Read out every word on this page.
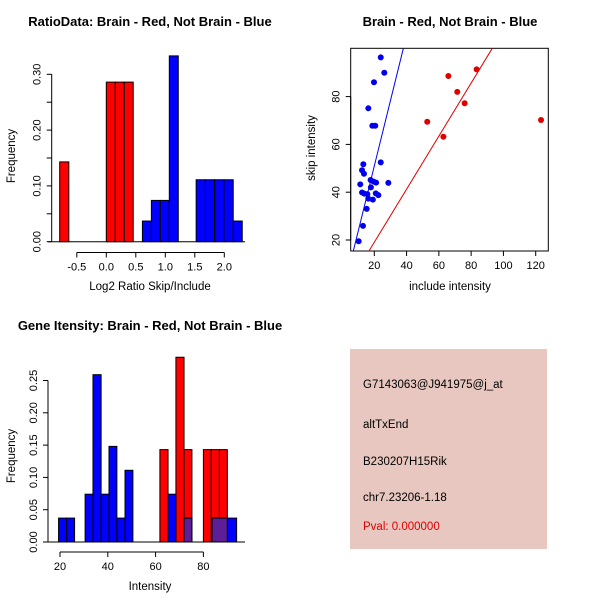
-0.5 0.0 0.5 1.0 1.5 2.0
0.00
0.10
0.20
0.30
RatioData: Brain - Red, Not Brain - Blue
Log2 Ratio Skip/Include
Frequency
20 40 60 80 100 120
20
40
60
80
Brain - Red, Not Brain - Blue
include intensity
skip intensity
20	40	60	80
0.00
0.05
0.10
0.15
0.20
0.25
Gene Itensity: Brain - Red, Not Brain - Blue
Intensity
Frequency
G7143063@J941975@j_at
altTxEnd
B230207H15Rik
chr7.23206-1.18
Pval: 0.000000
